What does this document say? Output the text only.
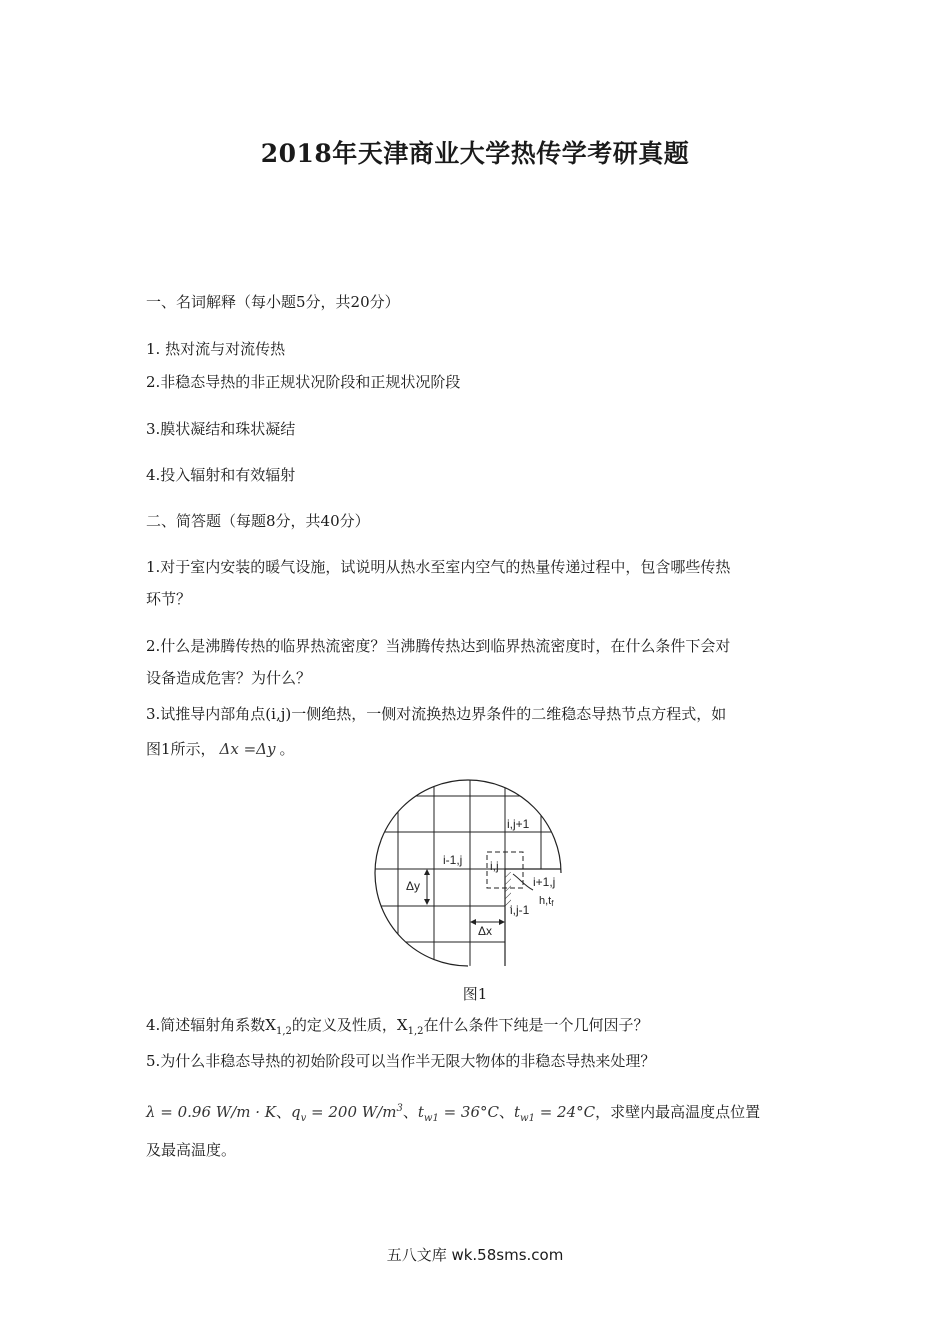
2018年天津商业大学热传学考研真题
一、名词解释（每小题5分，共20分）
1. 热对流与对流传热
2.非稳态导热的非正规状况阶段和正规状况阶段
3.膜状凝结和珠状凝结
4.投入辐射和有效辐射
二、简答题（每题8分，共40分）
1.对于室内安装的暖气设施，试说明从热水至室内空气的热量传递过程中，包含哪些传热
环节？
2.什么是沸腾传热的临界热流密度？当沸腾传热达到临界热流密度时，在什么条件下会对
设备造成危害？为什么？
3.试推导内部角点(i,j)一侧绝热，一侧对流换热边界条件的二维稳态导热节点方程式，如
图1所示， Δx =Δy 。
i,j+1
i-1,j i,j
i+1,j
h,tf
i,j-1
Δy
Δx
图1
4.简述辐射角系数$X_{1,2}$的定义及性质，$X_{1,2}$在什么条件下纯是一个几何因子？
5.为什么非稳态导热的初始阶段可以当作半无限大物体的非稳态导热来处理？
λ = 0.96 W/m · K、$q_v = 200$ $W/m^3$、$t_{w1} = 36^\circ C$、$t_{w1} = 24^\circ C$，求壁内最高温度点位置
及最高温度。
五八文库 wk.58sms.com
